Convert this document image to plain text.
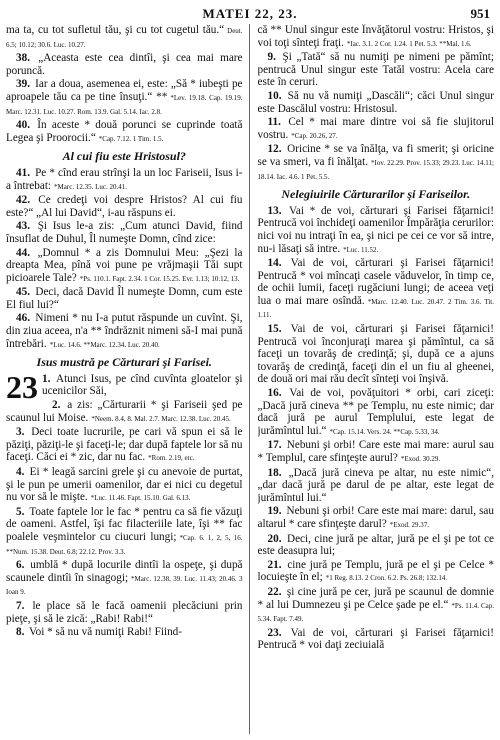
MATEI 22, 23.	951

ma ta, cu tot sufletul tău, şi cu tot cugetul tău.“ Deut. 6.5; 10.12; 30.6. Luc. 10.27.

38. „Aceasta este cea dintîi, şi cea mai mare poruncă.

39. Iar a doua, asemenea ei, este: „Să * iubeşti pe aproapele tău ca pe tine însuţi.“ ** *Lev. 19.18. Cap. 19.19. Marc. 12.31. Luc. 10.27. Rom. 13.9. Gal. 5.14. Iac. 2.8.

40. În aceste * două porunci se cuprinde toată Legea şi Proorocii.“ *Cap. 7.12. 1 Tim. 1.5.

Al cui fiu este Hristosul?

41. Pe * cînd erau strînşi la un loc Fariseii, Isus i-a întrebat: *Marc. 12.35. Luc. 20.41.

42. Ce credeţi voi despre Hristos? Al cui fiu este?“ „Al lui David“, i-au răspuns ei.

43. Şi Isus le-a zis: „Cum atunci David, fiind însuflat de Duhul, Îl numeşte Domn, cînd zice:

44. „Domnul * a zis Domnului Meu: „Şezi la dreapta Mea, pînă voi pune pe vrăjmaşii Tăi supt picioarele Tale? *Ps. 110.1. Fapt. 2.34. 1 Cor. 15.25. Evr. 1.13; 10.12, 13.

45. Deci, dacă David Îl numeşte Domn, cum este El fiul lui?“

46. Nimeni * nu I-a putut răspunde un cuvînt. Şi, din ziua aceea, n'a ** îndrăznit nimeni să-I mai pună întrebări. *Luc. 14.6. **Marc. 12.34. Luc. 20.40.

Isus mustră pe Cărturari şi Farisei.

23 1. Atunci Isus, pe cînd cuvînta gloatelor şi ucenicilor Săi,

2. a zis: „Cărturarii * şi Fariseii şed pe scaunul lui Moise. *Neem. 8.4, 8. Mal. 2.7. Marc. 12.38. Luc. 20.45.

3. Deci toate lucrurile, pe cari vă spun ei să le păziţi, păziţi-le şi faceţi-le; dar după faptele lor să nu faceţi. Căci ei * zic, dar nu fac. *Rom. 2.19, etc.

4. Ei * leagă sarcini grele şi cu anevoie de purtat, şi le pun pe umerii oamenilor, dar ei nici cu degetul nu vor să le mişte. *Luc. 11.46. Fapt. 15.10. Gal. 6.13.

5. Toate faptele lor le fac * pentru ca să fie văzuţi de oameni. Astfel, îşi fac filacteriile late, îşi ** fac poalele veşmintelor cu ciucuri lungi; *Cap. 6. 1, 2, 5, 16. **Num. 15.38. Deut. 6.8; 22.12. Prov. 3.3.

6. umblă * după locurile dintîi la ospeţe, şi după scaunele dintîi în sinagogi; *Marc. 12.38, 39. Luc. 11.43; 20.46. 3 Ioan 9.

7. le place să le facă oamenii plecăciuni prin pieţe, şi să le zică: „Rabi! Rabi!“

8. Voi * să nu vă numiţi Rabi! Fiind-

că ** Unul singur este Învăţătorul vostru: Hristos, şi voi toţi sînteţi fraţi. *Iac. 3.1. 2 Cor. 1.24. 1 Pet. 5.3. **Mal. 1.6.

9. Şi „Tată“ să nu numiţi pe nimeni pe pămînt; pentrucă Unul singur este Tatăl vostru: Acela care este în ceruri.

10. Să nu vă numiţi „Dascăli“; căci Unul singur este Dascălul vostru: Hristosul.

11. Cel * mai mare dintre voi să fie slujitorul vostru. *Cap. 20.26, 27.

12. Oricine * se va înălţa, va fi smerit; şi oricine se va smeri, va fi înălţat. *Iov. 22.29. Prov. 15.33; 29.23. Luc. 14.11; 18.14. Iac. 4.6. 1 Pet. 5.5.

Nelegiuirile Cărturarilor şi Fariseilor.

13. Vai * de voi, cărturari şi Farisei făţarnici! Pentrucă voi închideţi oamenilor Împărăţia cerurilor: nici voi nu intraţi în ea, şi nici pe cei ce vor să intre, nu-i lăsaţi să intre. *Luc. 11.52.

14. Vai de voi, cărturari şi Farisei făţarnici! Pentrucă * voi mîncaţi casele văduvelor, în timp ce, de ochii lumii, faceţi rugăciuni lungi; de aceea veţi lua o mai mare osîndă. *Marc. 12.40. Luc. 20.47. 2 Tim. 3.6. Tit. 1.11.

15. Vai de voi, cărturari şi Farisei făţarnici! Pentrucă voi înconjuraţi marea şi pămîntul, ca să faceţi un tovarăş de credinţă; şi, după ce a ajuns tovarăş de credinţă, faceţi din el un fiu al gheenei, de două ori mai rău decît sînteţi voi înşivă.

16. Vai de voi, povăţuitori * orbi, cari ziceţi: „Dacă jură cineva ** pe Templu, nu este nimic; dar dacă jură pe aurul Templului, este legat de jurămîntul lui.“ *Cap. 15.14. Vers. 24. **Cap. 5.33, 34.

17. Nebuni şi orbi! Care este mai mare: aurul sau * Templul, care sfinţeşte aurul? *Exod. 30.29.

18. „Dacă jură cineva pe altar, nu este nimic“, „dar dacă jură pe darul de pe altar, este legat de jurămîntul lui.“

19. Nebuni şi orbi! Care este mai mare: darul, sau altarul * care sfinţeşte darul? *Exod. 29.37.

20. Deci, cine jură pe altar, jură pe el şi pe tot ce este deasupra lui;

21. cine jură pe Templu, jură pe el şi pe Celce * locuieşte în el; *1 Reg. 8.13. 2 Cron. 6.2. Ps. 26.8; 132.14.

22. şi cine jură pe cer, jură pe scaunul de domnie * al lui Dumnezeu şi pe Celce şade pe el.“ *Ps. 11.4. Cap. 5.34. Fapt. 7.49.

23. Vai de voi, cărturari şi Farisei făţarnici! Pentrucă * voi daţi zeciuială
